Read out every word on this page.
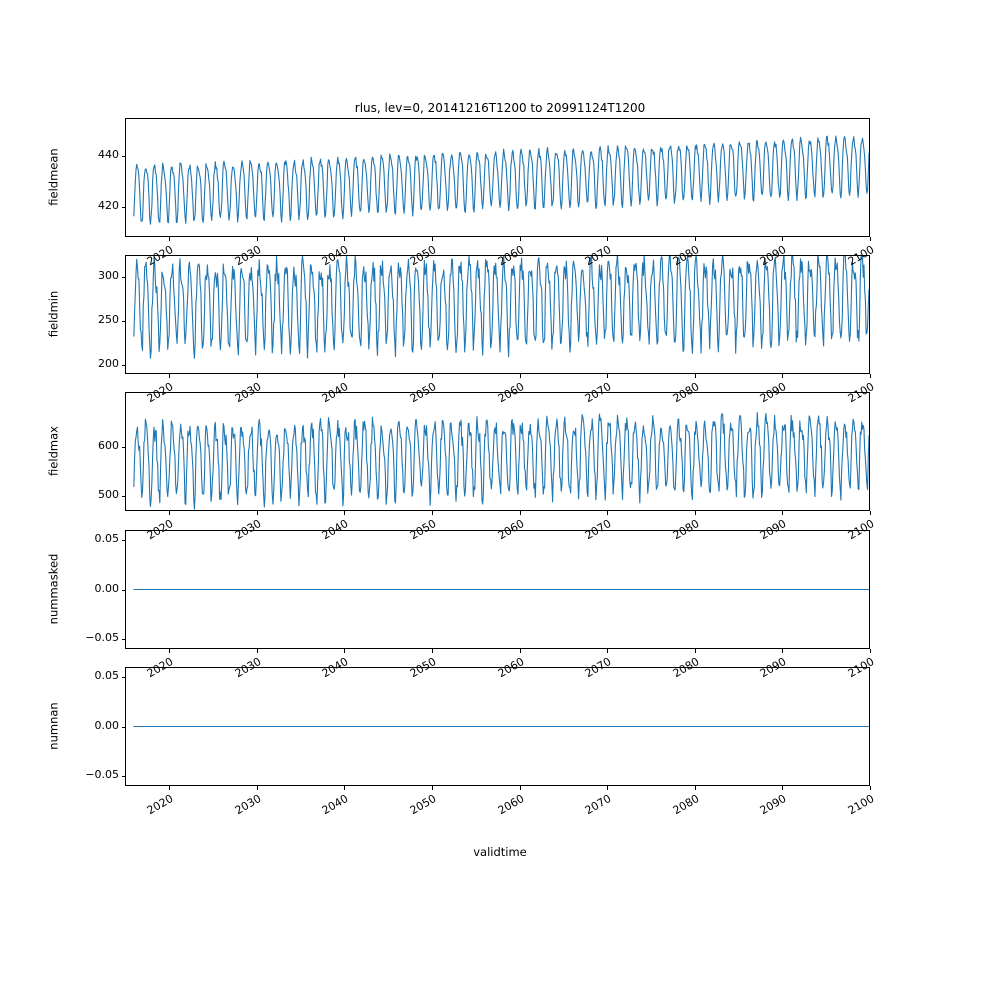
rlus, lev=0, 20141216T1200 to 20991124T1200
validtime
fieldmean	420
440
2020	2030	2040	2050	2060	2070	2080	2090	2100
fieldmin
200
250
300
2020	2030	2040	2050	2060	2070	2080	2090	2100
fieldmax
500
600
2020	2030	2040	2050	2060	2070	2080	2090	2100
nummasked
−0.05
0.00
0.05
2020	2030	2040	2050	2060	2070	2080	2090	2100
numnan
−0.05
0.00
0.05
2020	2030	2040	2050	2060	2070	2080	2090	2100
